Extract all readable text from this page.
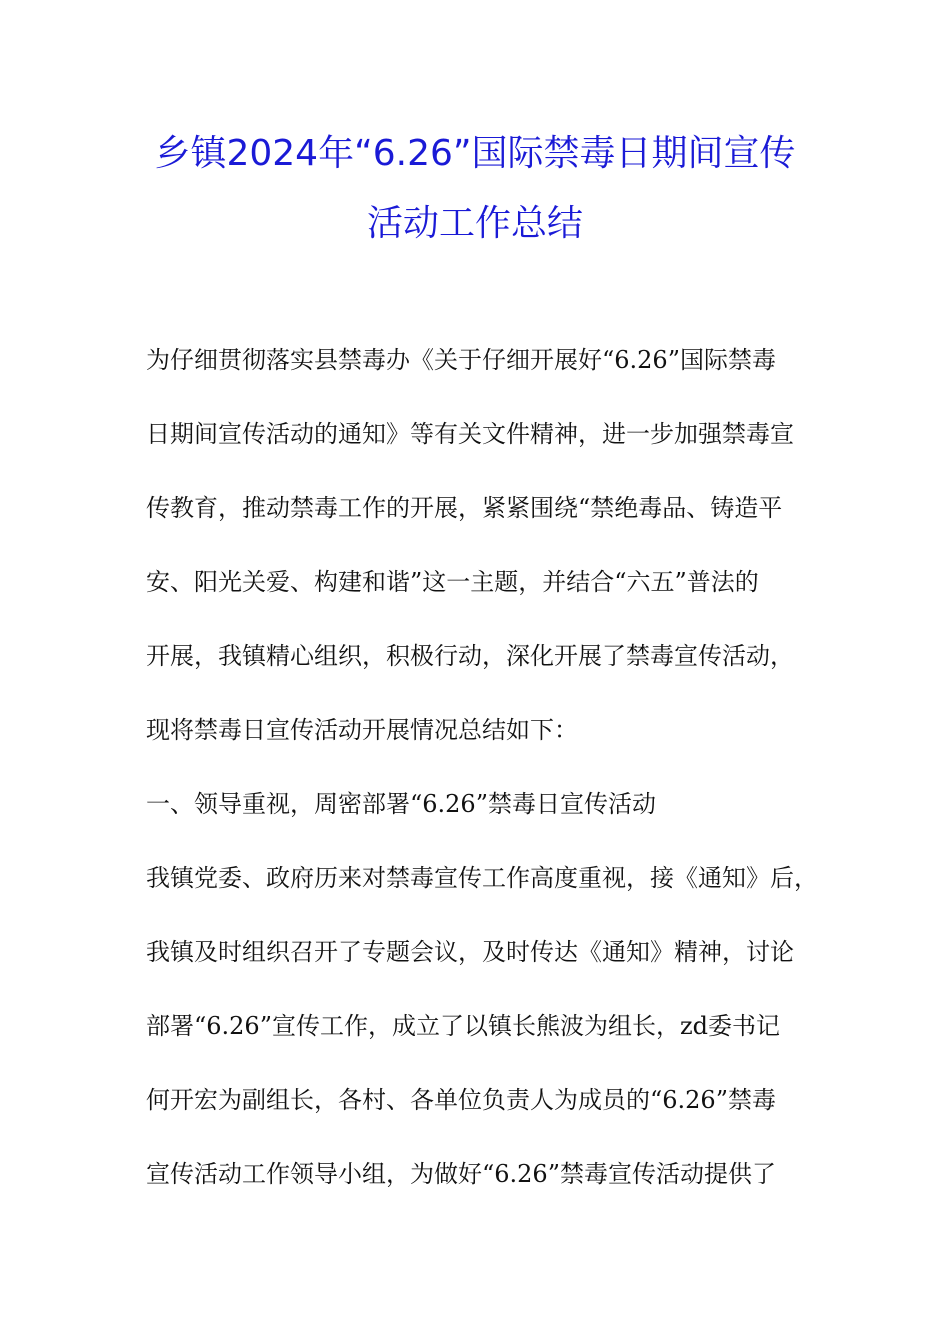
乡镇2024年“6.26”国际禁毒日期间宣传
活动工作总结

为仔细贯彻落实县禁毒办《关于仔细开展好“6.26”国际禁毒

日期间宣传活动的通知》等有关文件精神，进一步加强禁毒宣

传教育，推动禁毒工作的开展，紧紧围绕“禁绝毒品、铸造平

安、阳光关爱、构建和谐”这一主题，并结合“六五”普法的

开展，我镇精心组织，积极行动，深化开展了禁毒宣传活动，

现将禁毒日宣传活动开展情况总结如下：

一、领导重视，周密部署“6.26”禁毒日宣传活动

我镇党委、政府历来对禁毒宣传工作高度重视，接《通知》后，

我镇及时组织召开了专题会议，及时传达《通知》精神，讨论

部署“6.26”宣传工作，成立了以镇长熊波为组长，zd委书记

何开宏为副组长，各村、各单位负责人为成员的“6.26”禁毒

宣传活动工作领导小组，为做好“6.26”禁毒宣传活动提供了
